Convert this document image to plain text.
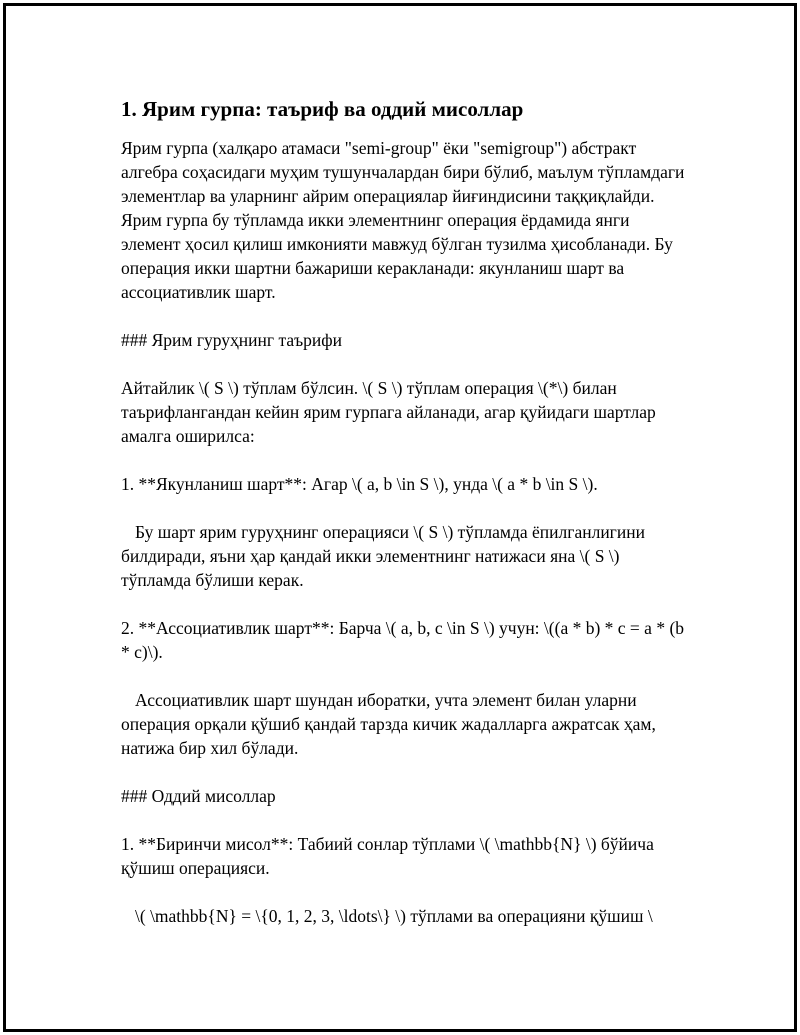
1. Ярим гурпа: таъриф ва оддий мисоллар

Ярим гурпа (халқаро атамаси "semi-group" ёки "semigroup") абстракт алгебра соҳасидаги муҳим тушунчалардан бири бўлиб, маълум тўпламдаги элементлар ва уларнинг айрим операциялар йиғиндисини таққиқлайди. Ярим гурпа бу тўпламда икки элементнинг операция ёрдамида янги элемент ҳосил қилиш имконияти мавжуд бўлган тузилма ҳисобланади. Бу операция икки шартни бажариши керакланади: якунланиш шарт ва ассоциативлик шарт.

### Ярим гуруҳнинг таърифи

Айтайлик \( S \) тўплам бўлсин. \( S \) тўплам операция \(*\) билан таърифлангандан кейин ярим гурпага айланади, агар қуйидаги шартлар амалга оширилса:

1. **Якунланиш шарт**: Агар \( a, b \in S \), унда \( a * b \in S \).

Бу шарт ярим гуруҳнинг операцияси \( S \) тўпламда ёпилганлигини билдиради, яъни ҳар қандай икки элементнинг натижаси яна \( S \) тўпламда бўлиши керак.

2. **Ассоциативлик шарт**: Барча \( a, b, c \in S \) учун: \((a * b) * c = a * (b * c)\).

Ассоциативлик шарт шундан иборатки, учта элемент билан уларни операция орқали қўшиб қандай тарзда кичик жадалларга ажратсак ҳам, натижа бир хил бўлади.

### Оддий мисоллар

1. **Биринчи мисол**: Табиий сонлар тўплами \( \mathbb{N} \) бўйича қўшиш операцияси.

\( \mathbb{N} = \{0, 1, 2, 3, \ldots\} \) тўплами ва операцияни қўшиш \
